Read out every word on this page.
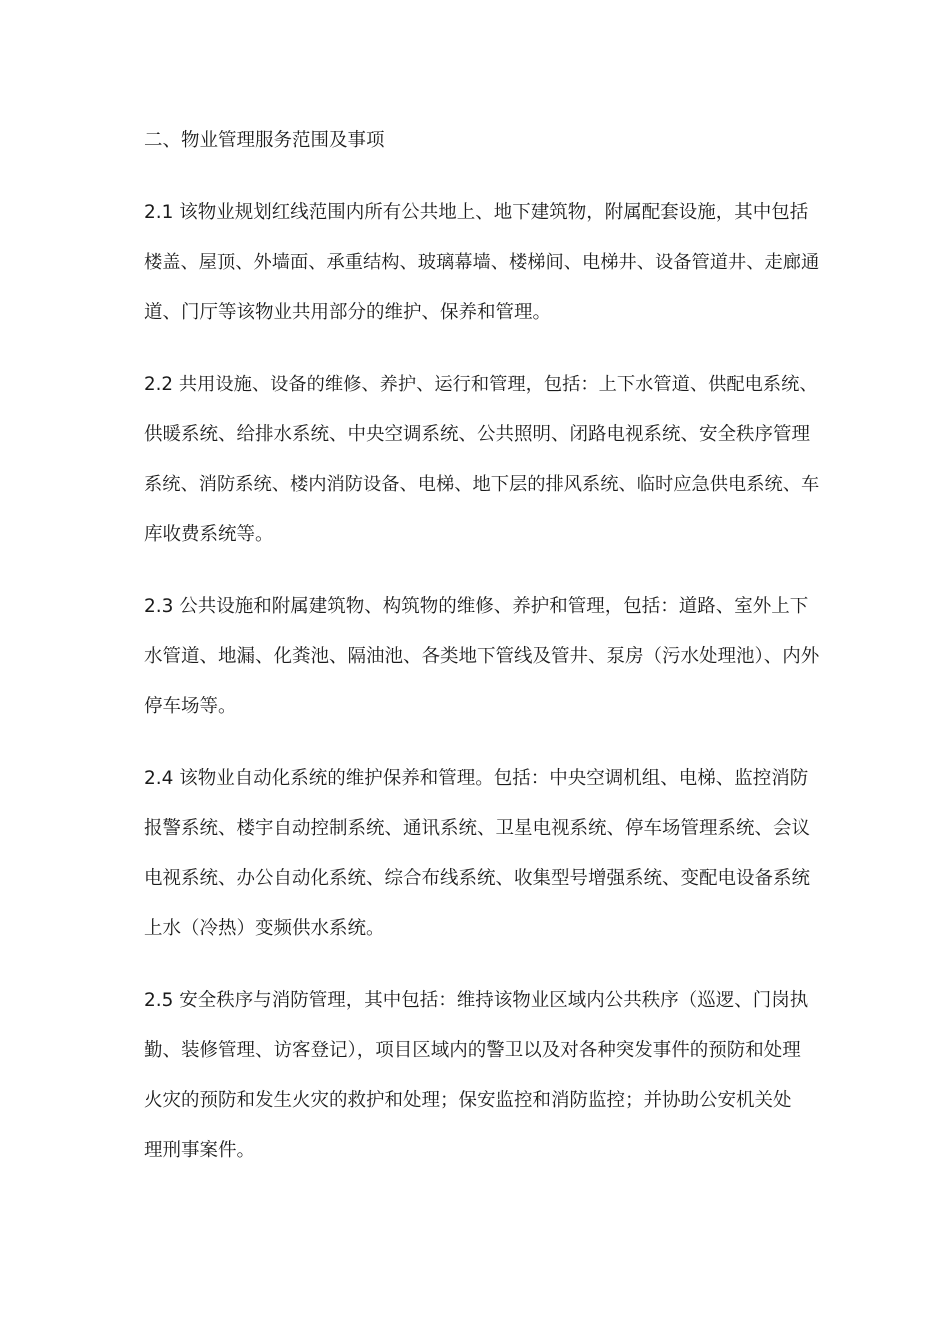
二、物业管理服务范围及事项
2.1 该物业规划红线范围内所有公共地上、地下建筑物，附属配套设施，其中包括
楼盖、屋顶、外墙面、承重结构、玻璃幕墙、楼梯间、电梯井、设备管道井、走廊通
道、门厅等该物业共用部分的维护、保养和管理。
2.2 共用设施、设备的维修、养护、运行和管理，包括：上下水管道、供配电系统、
供暖系统、给排水系统、中央空调系统、公共照明、闭路电视系统、安全秩序管理
系统、消防系统、楼内消防设备、电梯、地下层的排风系统、临时应急供电系统、车
库收费系统等。
2.3 公共设施和附属建筑物、构筑物的维修、养护和管理，包括：道路、室外上下
水管道、地漏、化粪池、隔油池、各类地下管线及管井、泵房（污水处理池）、内外
停车场等。
2.4 该物业自动化系统的维护保养和管理。包括：中央空调机组、电梯、监控消防
报警系统、楼宇自动控制系统、通讯系统、卫星电视系统、停车场管理系统、会议
电视系统、办公自动化系统、综合布线系统、收集型号增强系统、变配电设备系统
上水（冷热）变频供水系统。
2.5 安全秩序与消防管理，其中包括：维持该物业区域内公共秩序（巡逻、门岗执
勤、装修管理、访客登记），项目区域内的警卫以及对各种突发事件的预防和处理
火灾的预防和发生火灾的救护和处理；保安监控和消防监控；并协助公安机关处
理刑事案件。
